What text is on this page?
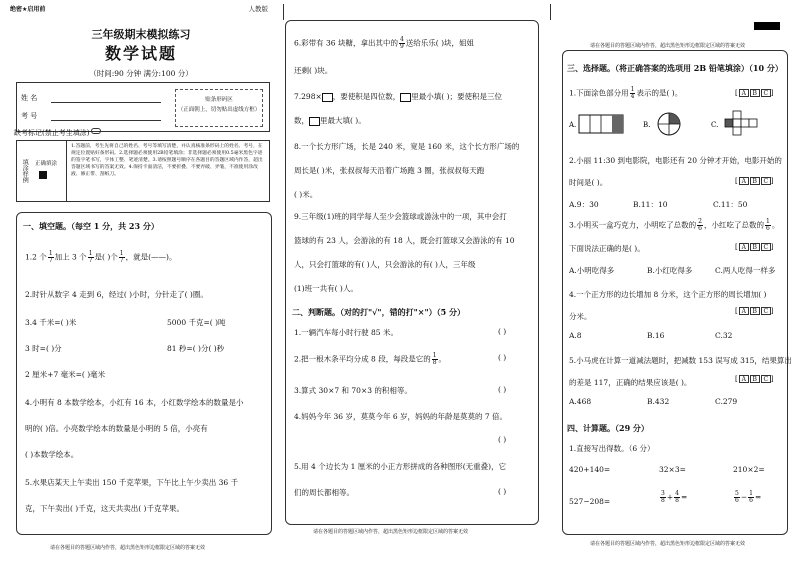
绝密★启用前	人教版
三年级期末模拟练习
数学试题
（时间:90 分钟 满分:100 分）
姓 名
考 号
贴条形码区
（正面朝上，切勿贴出虚线方框）
缺考标记(禁止考生填涂)
填涂样例 正确填涂
1.答题前，考生先将自己的姓名、考号等填写清楚，并认真核准条形码上的姓名、考号，在规定位置贴好条形码。2.选择题必须使用2B铅笔填涂；非选择题必须使用0.5毫米黑色字迹的签字笔书写，字体工整、笔迹清楚。3.请按照题号顺序在各题目的答题区域内作答，超出答题区域书写的答案无效。4.保持卡面清洁，不要折叠、不要弄破、弄皱，不准使用涂改液、修正带、刮纸刀。
一、填空题。（每空 1 分，共 23 分）
1.2 个 $\frac{1}{7}$ 加上 3 个 $\frac{1}{7}$ 是( )个 $\frac{1}{7}$ ，就是(——)。
2.时针从数字 4 走到 6，经过( )小时，分针走了( )圈。
3.4 千米=( )米	5000 千克=( )吨
3 时=( )分	81 秒=( )分( )秒
2 厘米+7 毫米=( )毫米
4.小明有 8 本数学绘本，小红有 16 本，小红数学绘本的数量是小
明的( )倍。小亮数学绘本的数量是小明的 5 倍，小亮有
( )本数学绘本。
5.水果店某天上午卖出 150 千克苹果，下午比上午少卖出 36 千
克，下午卖出( )千克，这天共卖出( )千克苹果。
请在各题目的答题区域内作答，超出黑色矩形边框限定区域的答案无效
6.彩带有 36 块糖，拿出其中的 $\frac{4}{9}$ 送给乐乐( )块，姐姐
还剩( )块。
7.298× ，要使积是四位数， 里最小填( )；要使积是三位
数， 里最大填( )。
8.一个长方形广场，长是 240 米，宽是 160 米，这个长方形广场的
周长是( )米，张叔叔每天沿着广场跑 3 圈，张叔叔每天跑
( )米。
9.三年级(1)班的同学每人至少会篮球或游泳中的一项，其中会打
篮球的有 23 人，会游泳的有 18 人，既会打篮球又会游泳的有 10
人，只会打篮球的有( )人，只会游泳的有( )人，三年级
(1)班一共有( )人。
二、判断题。（对的打"√"，错的打"×"）（5 分）
1.一辆汽车每小时行驶 85 米。	( )
2.把一根木条平均分成 8 段，每段是它的 $\frac{1}{8}$ 。	( )
3.算式 30×7 和 70×3 的积相等。	( )
4.妈妈今年 36 岁，莫莫今年 6 岁，妈妈的年龄是莫莫的 7 倍。
( )
5.用 4 个边长为 1 厘米的小正方形拼成的各种图形(无重叠)，它
们的周长都相等。	( )
请在各题目的答题区域内作答，超出黑色矩形边框限定区域的答案无效
请在各题目的答题区域内作答，超出黑色矩形边框限定区域的答案无效
三、选择题。（将正确答案的选项用 2B 铅笔填涂）（10 分）
1.下面涂色部分用 $\frac{1}{4}$ 表示的是( )。	[ A B C ]
A.	B.	C.
2.小丽 11:30 到电影院，电影还有 20 分钟才开始，电影开始的
时间是( )。	[ A B C ]
A.9：30	B.11：10	C.11：50
3.小明买一盒巧克力，小明吃了总数的 $\frac{2}{6}$ ，小红吃了总数的 $\frac{1}{6}$ 。
下面说法正确的是( )。	[ A B C ]
A.小明吃得多	B.小红吃得多	C.两人吃得一样多
4.一个正方形的边长增加 8 分米，这个正方形的周长增加( )
分米。
[ A B C ]
A.8	B.16	C.32
5.小马虎在计算一道减法题时，把减数 153 误写成 315，结果算出
的差是 117，正确的结果应该是( )。	[ A B C ]
A.468	B.432	C.279
四、计算题。（29 分）
1.直接写出得数。（6 分）
420+140=	32×3=	210×2=
527−208=	$\frac{3}{8} + \frac{4}{8}$ =	$\frac{5}{6} - \frac{1}{6}$ =
请在各题目的答题区域内作答，超出黑色矩形边框限定区域的答案无效
